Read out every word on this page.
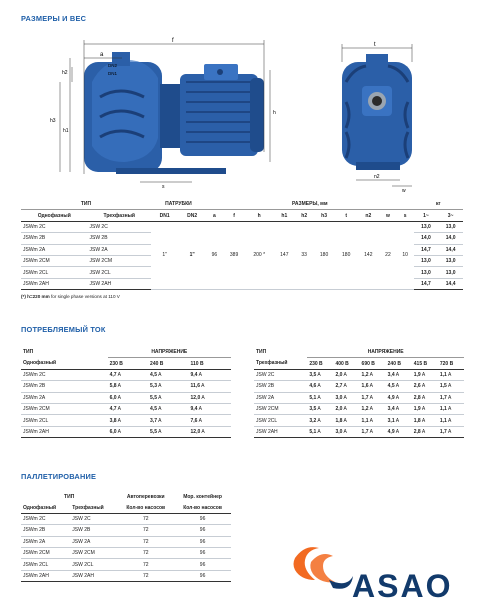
РАЗМЕРЫ И ВЕС
f
a
DN2
DN1
h2
h3
h1
h
s
t
n2
w
ТИП		ПАТРУБКИ		РАЗМЕРЫ, мм										кг	
Однофазный	Трехфазный	DN1	DN2	a	f	h	h1	h2	h3	t	n2	w	s	1~	3~
JSWm 2C	JSW 2C	1"	1"	96	389	200 *	147	33	180	180	142	22	10	13,0	13,0
JSWm 2B	JSW 2B													14,0	14,0
JSWm 2A	JSW 2A													14,7	14,4
JSWm 2CM	JSW 2CM													13,0	13,0
JSWm 2CL	JSW 2CL													13,0	13,0
JSWm 2AH	JSW 2AH													14,7	14,4
(*) h=220 mm for single phase versions at 110 V
ПОТРЕБЛЯЕМЫЙ ТОК
ТИП	НАПРЯЖЕНИЕ		
Однофазный	230 В	240 В	110 В
JSWm 2C	4,7 A	4,5 A	9,4 A
JSWm 2B	5,8 A	5,3 A	11,6 A
JSWm 2A	6,0 A	5,5 A	12,0 A
JSWm 2CM	4,7 A	4,5 A	9,4 A
JSWm 2CL	3,8 A	3,7 A	7,6 A
JSWm 2AH	6,0 A	5,5 A	12,0 A
ТИП	НАПРЯЖЕНИЕ					
Трехфазный	230 В	400 В	690 В	240 В	415 В	720 В
JSW 2C	3,5 A	2,0 A	1,2 A	3,4 A	1,9 A	1,1 A
JSW 2B	4,6 A	2,7 A	1,6 A	4,5 A	2,6 A	1,5 A
JSW 2A	5,1 A	3,0 A	1,7 A	4,9 A	2,8 A	1,7 A
JSW 2CM	3,5 A	2,0 A	1,2 A	3,4 A	1,9 A	1,1 A
JSW 2CL	3,2 A	1,8 A	1,1 A	3,1 A	1,8 A	1,1 A
JSW 2AH	5,1 A	3,0 A	1,7 A	4,9 A	2,8 A	1,7 A
ПАЛЛЕТИРОВАНИЕ
ТИП		Автоперевозки	Мор. контейнер
Однофазный	Трехфазный	Кол-во насосов	Кол-во насосов
JSWm 2C	JSW 2C	72	96
JSWm 2B	JSW 2B	72	96
JSWm 2A	JSW 2A	72	96
JSWm 2CM	JSW 2CM	72	96
JSWm 2CL	JSW 2CL	72	96
JSWm 2AH	JSW 2AH	72	96	ASAO
